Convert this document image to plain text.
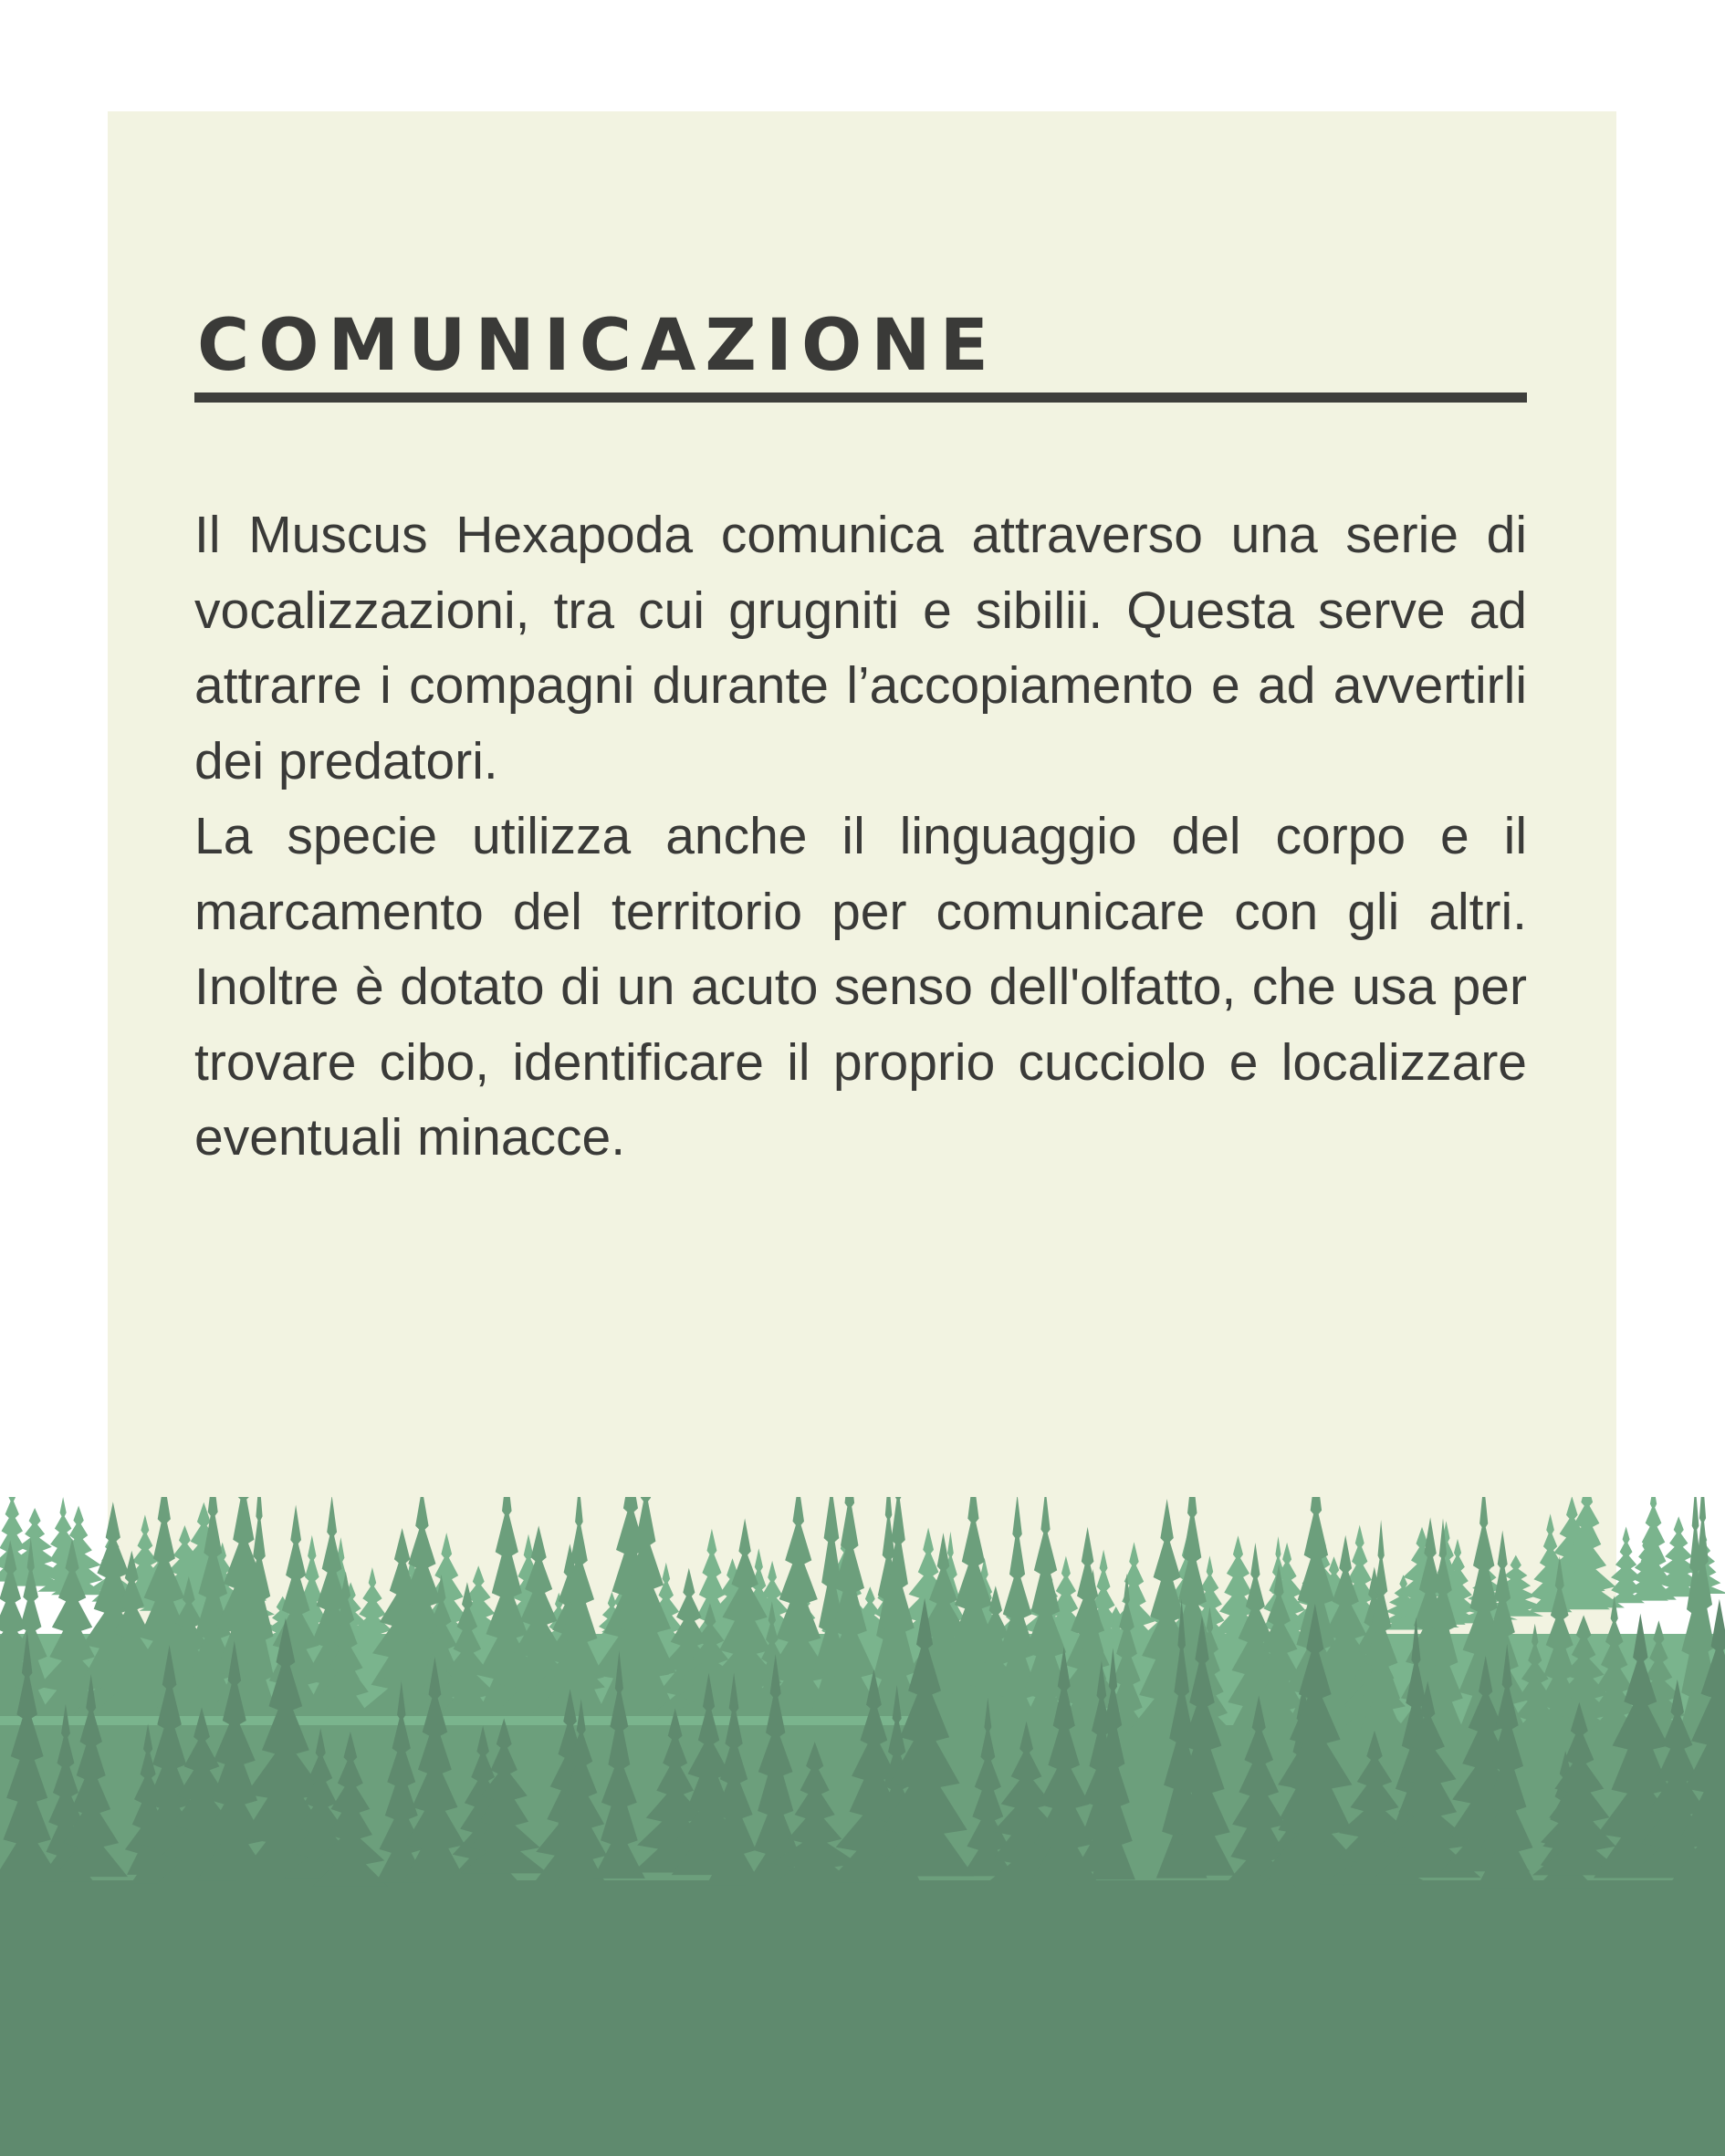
COMUNICAZIONE

Il Muscus Hexapoda comunica attraverso una serie di vocalizzazioni, tra cui grugniti e sibilii. Questa serve ad attrarre i compagni durante l’accopiamento e ad avvertirli dei predatori.

La specie utilizza anche il linguaggio del corpo e il marcamento del territorio per comunicare con gli altri. Inoltre è dotato di un acuto senso dell'olfatto, che usa per trovare cibo, identificare il proprio cucciolo e localizzare eventuali minacce.
